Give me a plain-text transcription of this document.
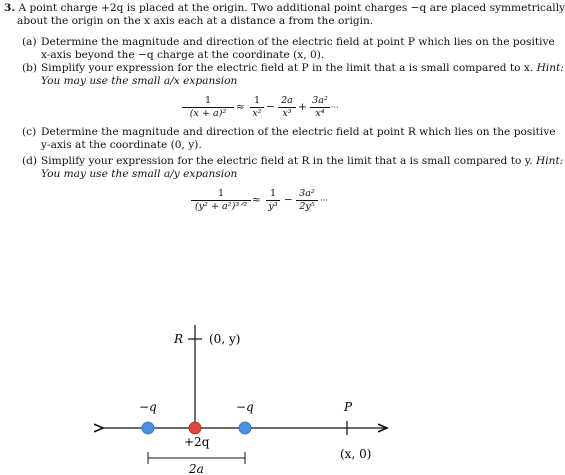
3. A point charge +2q is placed at the origin. Two additional point charges −q are placed symmetrically
about the origin on the x axis each at a distance a from the origin.
(a) Determine the magnitude and direction of the electric field at point P which lies on the positive
x-axis beyond the −q charge at the coordinate (x, 0).
(b) Simplify your expression for the electric field at P in the limit that a is small compared to x. Hint:
You may use the small a/x expansion
1
(x + a)²
≈
1
x²
−
2a
x³
+
3a²
x⁴
···
(c) Determine the magnitude and direction of the electric field at point R which lies on the positive
y-axis at the coordinate (0, y).
(d) Simplify your expression for the electric field at R in the limit that a is small compared to y. Hint:
You may use the small a/y expansion
1
(y² + a²)³ᐟ²
≈
1
y³
−
3a²
2y⁵
···
R (0, y)
−q	−q	P
+2q
(x, 0)
2a
